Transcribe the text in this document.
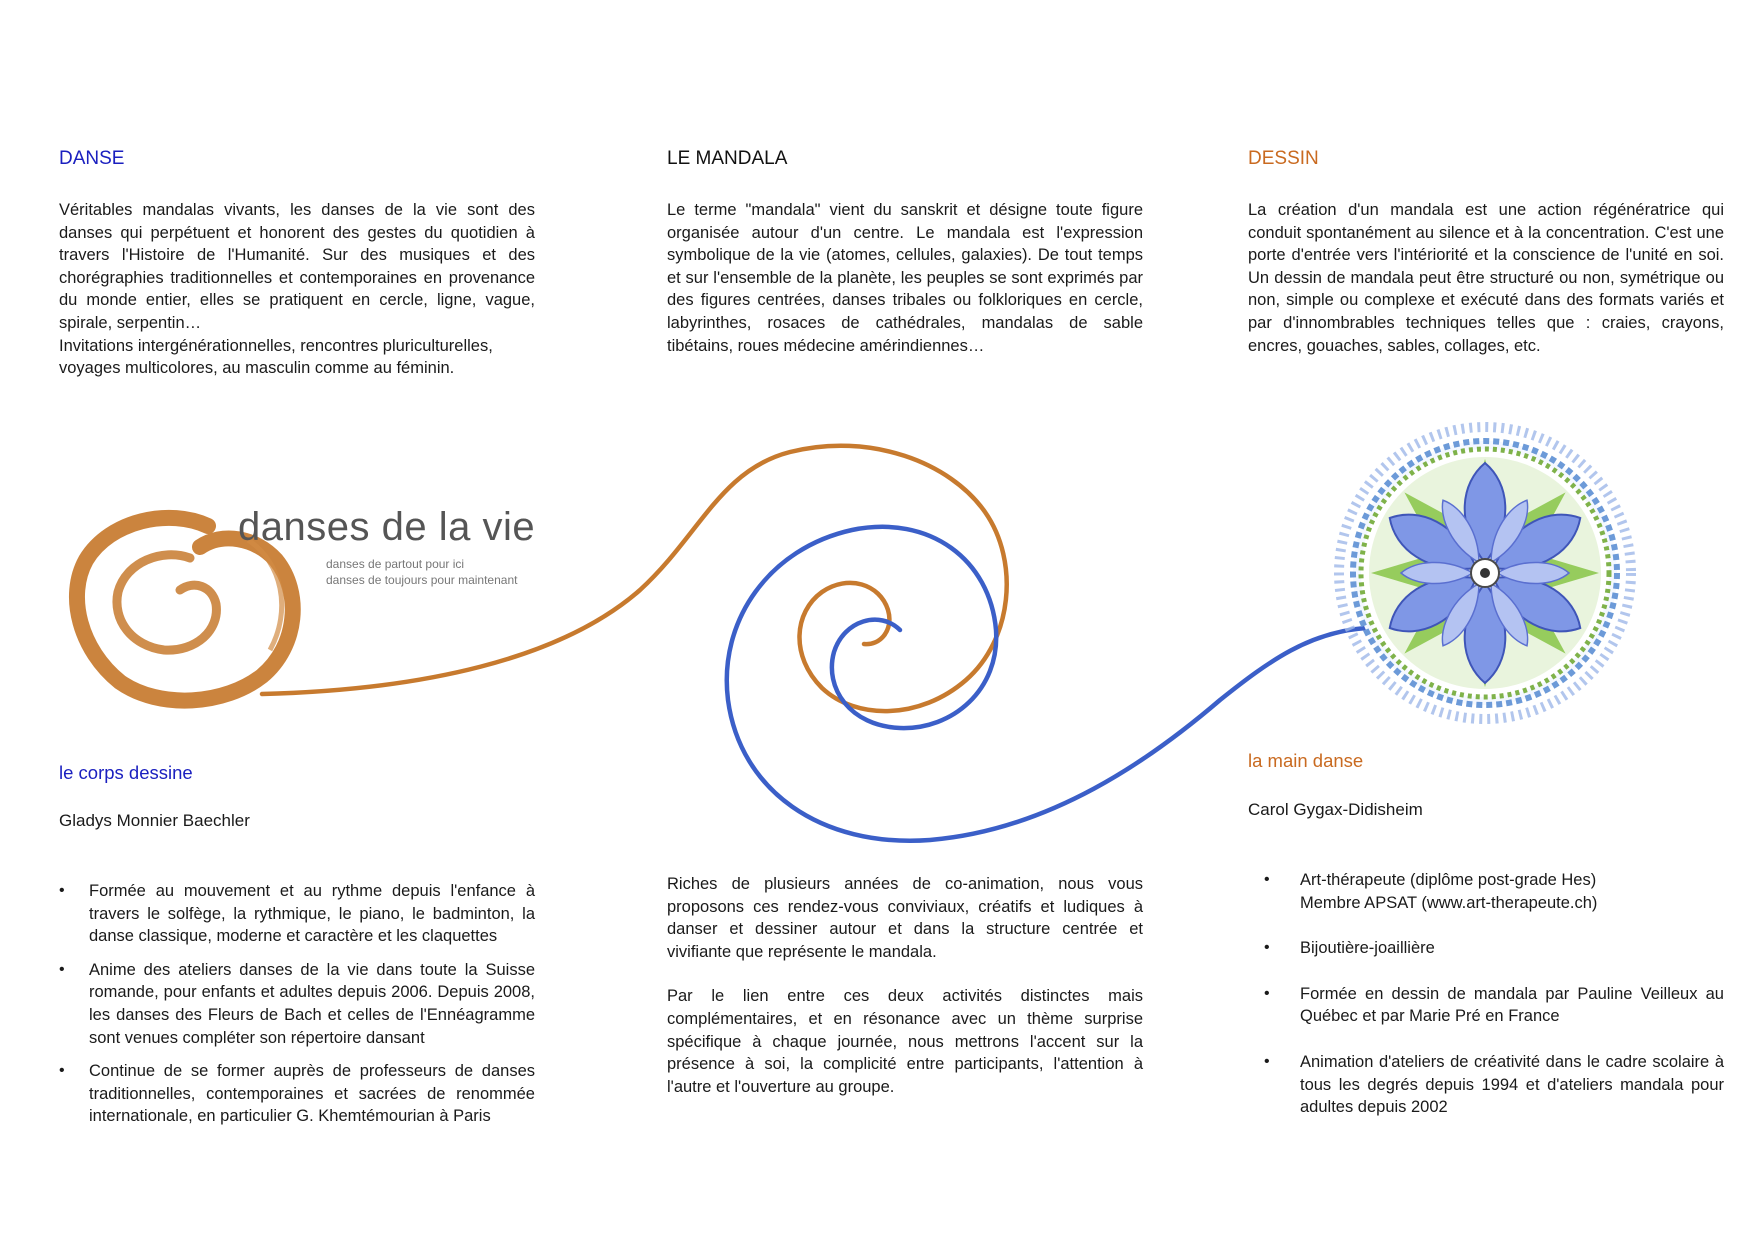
danses de la vie

danses de partout pour ici

danses de toujours pour maintenant

DANSE

Véritables mandalas vivants, les danses de la vie sont des danses qui perpétuent et honorent des gestes du quotidien à travers l'Histoire de l'Humanité. Sur des musiques et des chorégraphies traditionnelles et contemporaines en provenance du monde entier, elles se pratiquent en cercle, ligne, vague, spirale, serpentin…

Invitations intergénérationnelles, rencontres pluriculturelles, voyages multicolores, au masculin comme au féminin.

le corps dessine

Gladys Monnier Baechler

• Formée au mouvement et au rythme depuis l'enfance à travers le solfège, la rythmique, le piano, le badminton, la danse classique, moderne et caractère et les claquettes
• Anime des ateliers danses de la vie dans toute la Suisse romande, pour enfants et adultes depuis 2006. Depuis 2008, les danses des Fleurs de Bach et celles de l'Ennéagramme sont venues compléter son répertoire dansant
• Continue de se former auprès de professeurs de danses traditionnelles, contemporaines et sacrées de renommée internationale, en particulier G. Khemtémourian à Paris
LE MANDALA

Le terme "mandala" vient du sanskrit et désigne toute figure organisée autour d'un centre. Le mandala est l'expression symbolique de la vie (atomes, cellules, galaxies). De tout temps et sur l'ensemble de la planète, les peuples se sont exprimés par des figures centrées, danses tribales ou folkloriques en cercle, labyrinthes, rosaces de cathédrales, mandalas de sable tibétains, roues médecine amérindiennes…

Riches de plusieurs années de co-animation, nous vous proposons ces rendez-vous conviviaux, créatifs et ludiques à danser et dessiner autour et dans la structure centrée et vivifiante que représente le mandala.

Par le lien entre ces deux activités distinctes mais complémentaires, et en résonance avec un thème surprise spécifique à chaque journée, nous mettrons l'accent sur la présence à soi, la complicité entre participants, l'attention à l'autre et l'ouverture au groupe.

DESSIN

La création d'un mandala est une action régénératrice qui conduit spontanément au silence et à la concentration. C'est une porte d'entrée vers l'intériorité et la conscience de l'unité en soi. Un dessin de mandala peut être structuré ou non, symétrique ou non, simple ou complexe et exécuté dans des formats variés et par d'innombrables techniques telles que : craies, crayons, encres, gouaches, sables, collages, etc.

la main danse

Carol Gygax-Didisheim

• Art-thérapeute (diplôme post-grade Hes)
Membre APSAT (www.art-therapeute.ch)
• Bijoutière-joaillière
• Formée en dessin de mandala par Pauline Veilleux au Québec et par Marie Pré en France
• Animation d'ateliers de créativité dans le cadre scolaire à tous les degrés depuis 1994 et d'ateliers mandala pour adultes depuis 2002
